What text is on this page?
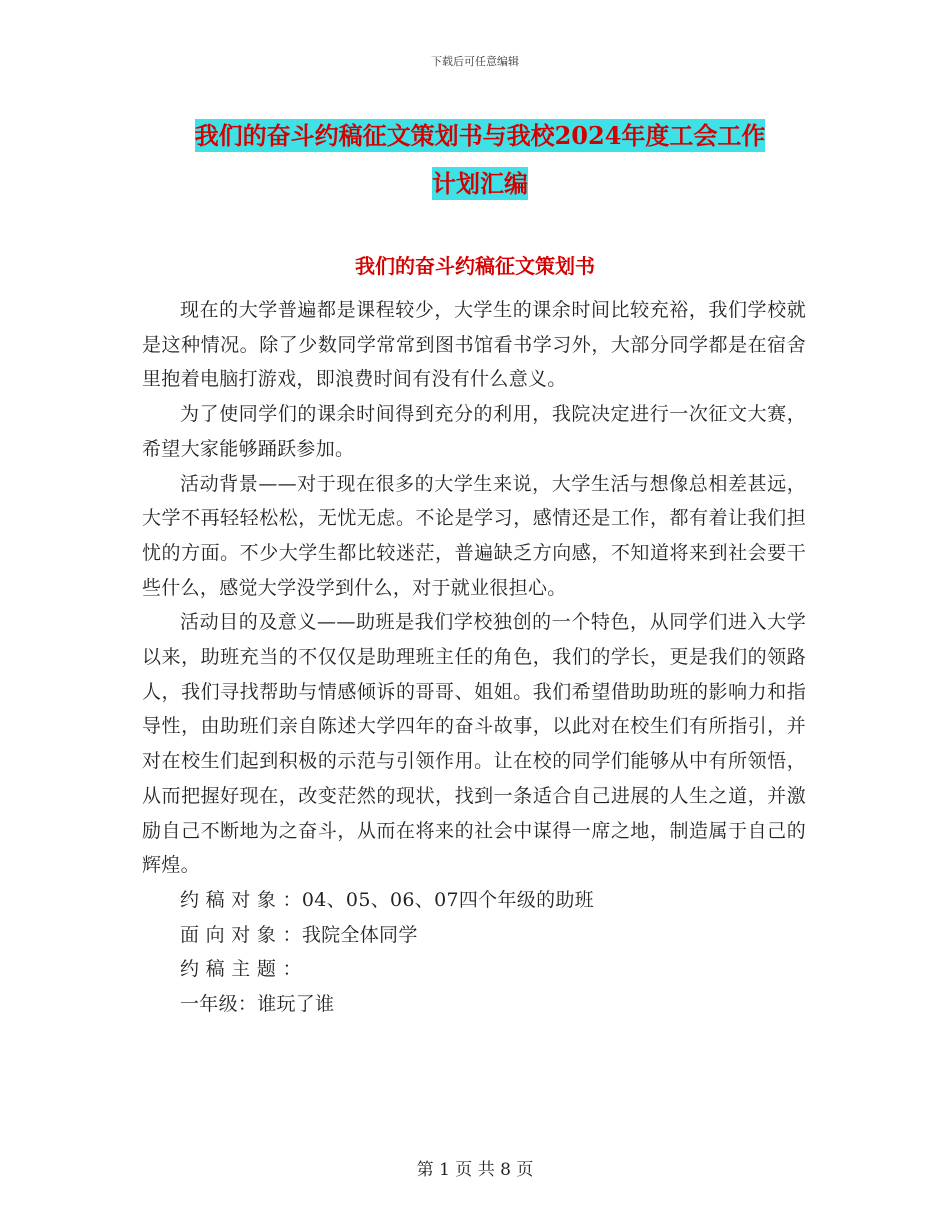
下载后可任意编辑
我们的奋斗约稿征文策划书与我校2024年度工会工作
计划汇编
我们的奋斗约稿征文策划书

现在的大学普遍都是课程较少，大学生的课余时间比较充裕，我们学校就是这种情况。除了少数同学常常到图书馆看书学习外，大部分同学都是在宿舍里抱着电脑打游戏，即浪费时间有没有什么意义。

为了使同学们的课余时间得到充分的利用，我院决定进行一次征文大赛，希望大家能够踊跃参加。

活动背景——对于现在很多的大学生来说，大学生活与想像总相差甚远，大学不再轻轻松松，无忧无虑。不论是学习，感情还是工作，都有着让我们担忧的方面。不少大学生都比较迷茫，普遍缺乏方向感，不知道将来到社会要干些什么，感觉大学没学到什么，对于就业很担心。

活动目的及意义——助班是我们学校独创的一个特色，从同学们进入大学以来，助班充当的不仅仅是助理班主任的角色，我们的学长，更是我们的领路人，我们寻找帮助与情感倾诉的哥哥、姐姐。我们希望借助助班的影响力和指导性，由助班们亲自陈述大学四年的奋斗故事，以此对在校生们有所指引，并对在校生们起到积极的示范与引领作用。让在校的同学们能够从中有所领悟，从而把握好现在，改变茫然的现状，找到一条适合自己进展的人生之道，并激励自己不断地为之奋斗，从而在将来的社会中谋得一席之地，制造属于自己的辉煌。

约 稿 对 象 ：04、05、06、07四个年级的助班

面 向 对 象 ：我院全体同学

约 稿 主 题 ：

一年级：谁玩了谁

第 1 页 共 8 页
